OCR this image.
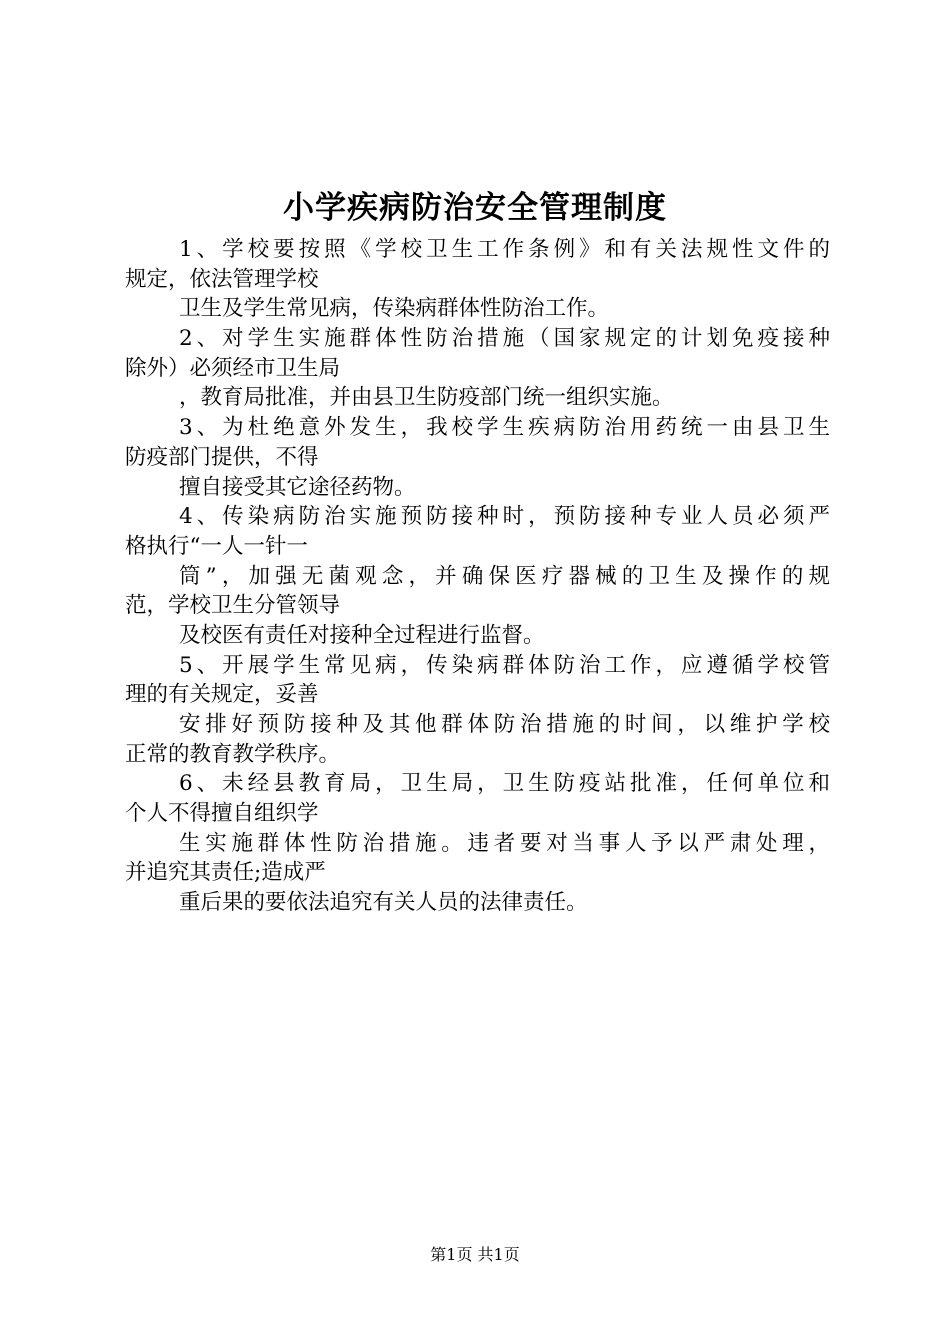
小学疾病防治安全管理制度
1、学校要按照《学校卫生工作条例》和有关法规性文件的
规定，依法管理学校
卫生及学生常见病，传染病群体性防治工作。
2、对学生实施群体性防治措施（国家规定的计划免疫接种
除外）必须经市卫生局
，教育局批准，并由县卫生防疫部门统一组织实施。
3、为杜绝意外发生，我校学生疾病防治用药统一由县卫生
防疫部门提供，不得
擅自接受其它途径药物。
4、传染病防治实施预防接种时，预防接种专业人员必须严
格执行“一人一针一
筒”，加强无菌观念，并确保医疗器械的卫生及操作的规
范，学校卫生分管领导
及校医有责任对接种全过程进行监督。
5、开展学生常见病，传染病群体防治工作，应遵循学校管
理的有关规定，妥善
安排好预防接种及其他群体防治措施的时间，以维护学校
正常的教育教学秩序。
6、未经县教育局，卫生局，卫生防疫站批准，任何单位和
个人不得擅自组织学
生实施群体性防治措施。违者要对当事人予以严肃处理，
并追究其责任;造成严
重后果的要依法追究有关人员的法律责任。
第1页 共1页
